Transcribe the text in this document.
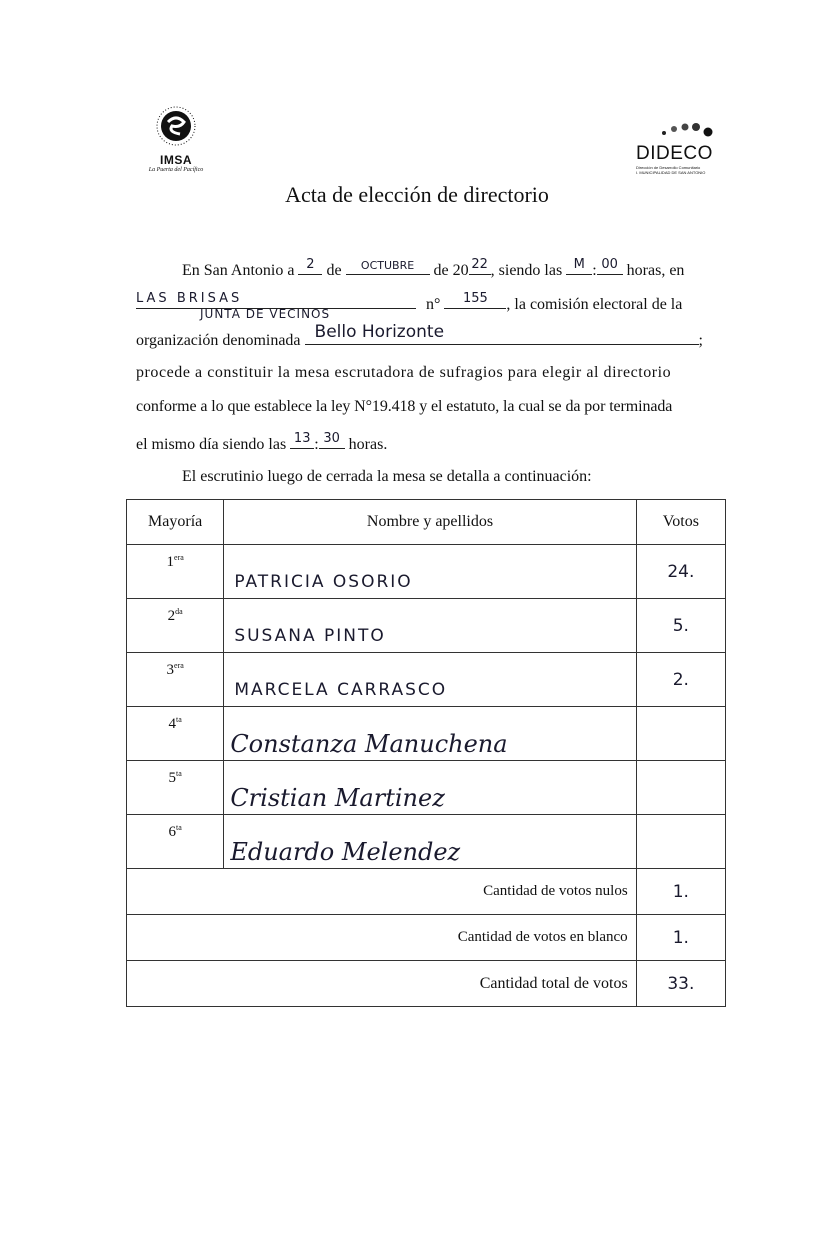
IMSA
La Puerta del Pacífico
DIDECO
Dirección de Desarrollo Comunitario
I. MUNICIPALIDAD DE SAN ANTONIO
Acta de elección de directorio
En San Antonio a 2 de	OCTUBRE	de 20 22 , siendo las M : 00 horas, en
LAS BRISAS	n°	155	, la comisión electoral de la
JUNTA DE VECINOS
organización denominada Bello Horizonte	;
procede a constituir la mesa escrutadora de sufragios para elegir al directorio
conforme a lo que establece la ley N°19.418 y el estatuto, la cual se da por terminada
el mismo día siendo las 13 : 30 horas.
El escrutinio luego de cerrada la mesa se detalla a continuación:
Mayoría	Nombre y apellidos	Votos
$1^{era}$	PATRICIA OSORIO	24.
$2^{da}$	SUSANA PINTO	5.
$3^{era}$	MARCELA CARRASCO	2.
$4^{ta}$	Constanza Manuchena	

$5^{ta}$	Cristian Martinez	

$6^{ta}$	Eduardo Melendez	

Cantidad de votos nulos		1.
Cantidad de votos en blanco		1.
Cantidad total de votos		33.
